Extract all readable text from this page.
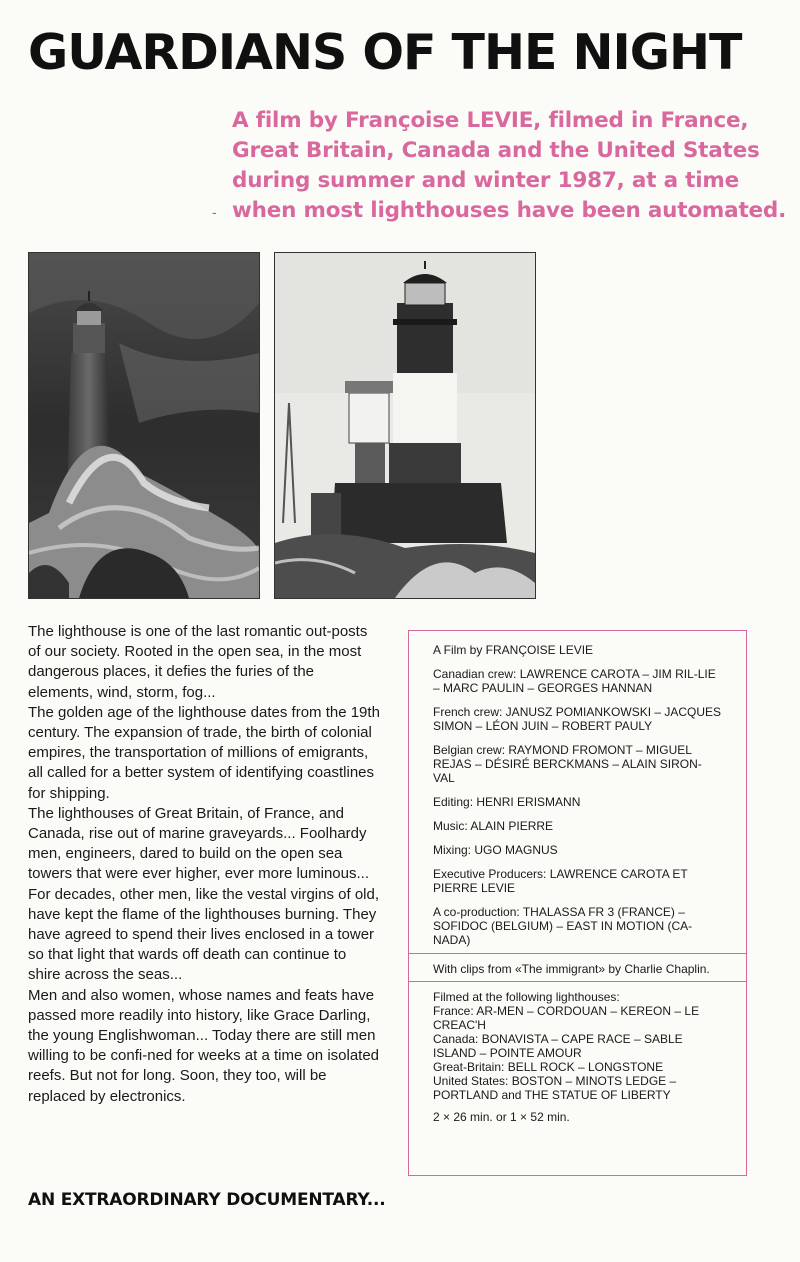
GUARDIANS OF THE NIGHT
A film by Françoise LEVIE, filmed in France, Great Britain, Canada and the United States during summer and winter 1987, at a time when most lighthouses have been automated.
-

The lighthouse is one of the last romantic out-posts of our society. Rooted in the open sea, in the most dangerous places, it defies the furies of the elements, wind, storm, fog...

The golden age of the lighthouse dates from the 19th century. The expansion of trade, the birth of colonial empires, the transportation of millions of emigrants, all called for a better system of identifying coastlines for shipping.

The lighthouses of Great Britain, of France, and Canada, rise out of marine graveyards... Foolhardy men, engineers, dared to build on the open sea towers that were ever higher, ever more luminous...

For decades, other men, like the vestal virgins of old, have kept the flame of the lighthouses burning. They have agreed to spend their lives enclosed in a tower so that light that wards off death can continue to shire across the seas...

Men and also women, whose names and feats have passed more readily into history, like Grace Darling, the young Englishwoman... Today there are still men willing to be confi-ned for weeks at a time on isolated reefs. But not for long. Soon, they too, will be replaced by electronics.

A Film by FRANÇOISE LEVIE
Canadian crew: LAWRENCE CAROTA – JIM RIL-LIE – MARC PAULIN – GEORGES HANNAN
French crew: JANUSZ POMIANKOWSKI – JACQUES SIMON – LÉON JUIN – ROBERT PAULY
Belgian crew: RAYMOND FROMONT – MIGUEL REJAS – DÉSIRÉ BERCKMANS – ALAIN SIRON-VAL
Editing: HENRI ERISMANN
Music: ALAIN PIERRE
Mixing: UGO MAGNUS
Executive Producers: LAWRENCE CAROTA ET PIERRE LEVIE
A co-production: THALASSA FR 3 (FRANCE) – SOFIDOC (BELGIUM) – EAST IN MOTION (CA-NADA)
With clips from «The immigrant» by Charlie Chaplin.
Filmed at the following lighthouses:
France: AR-MEN – CORDOUAN – KEREON – LE CREAC'H
Canada: BONAVISTA – CAPE RACE – SABLE ISLAND – POINTE AMOUR
Great-Britain: BELL ROCK – LONGSTONE
United States: BOSTON – MINOTS LEDGE – PORTLAND and THE STATUE OF LIBERTY
2 × 26 min. or 1 × 52 min.
AN EXTRAORDINARY DOCUMENTARY...
